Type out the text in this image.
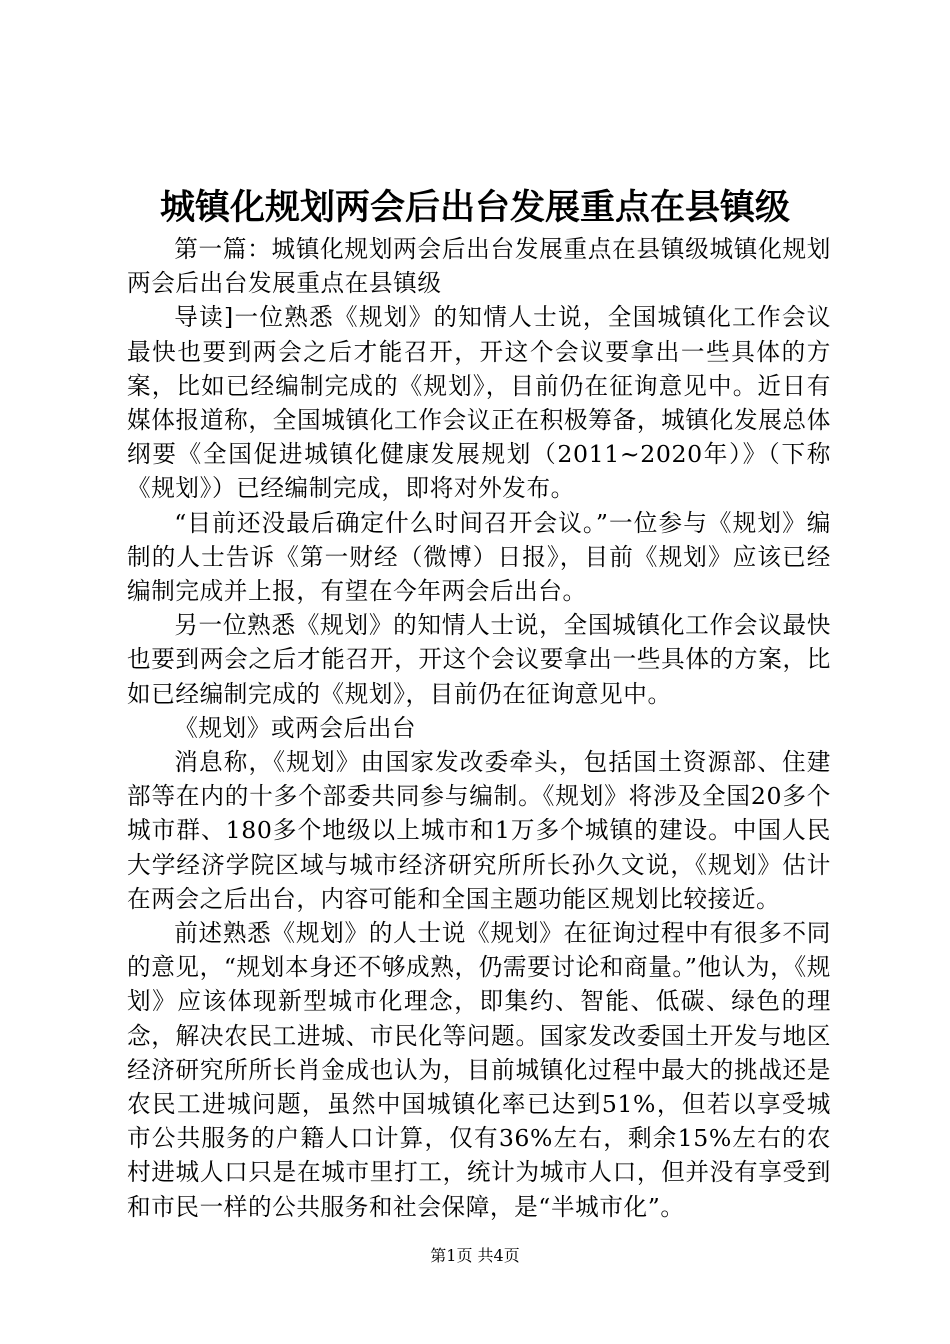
城镇化规划两会后出台发展重点在县镇级

第一篇：城镇化规划两会后出台发展重点在县镇级城镇化规划两会后出台发展重点在县镇级

导读]一位熟悉《规划》的知情人士说，全国城镇化工作会议最快也要到两会之后才能召开，开这个会议要拿出一些具体的方案，比如已经编制完成的《规划》，目前仍在征询意见中。近日有媒体报道称，全国城镇化工作会议正在积极筹备，城镇化发展总体纲要《全国促进城镇化健康发展规划（2011~2020年）》（下称《规划》）已经编制完成，即将对外发布。

“目前还没最后确定什么时间召开会议。”一位参与《规划》编制的人士告诉《第一财经（微博）日报》，目前《规划》应该已经编制完成并上报，有望在今年两会后出台。

另一位熟悉《规划》的知情人士说，全国城镇化工作会议最快也要到两会之后才能召开，开这个会议要拿出一些具体的方案，比如已经编制完成的《规划》，目前仍在征询意见中。

《规划》或两会后出台

消息称，《规划》由国家发改委牵头，包括国土资源部、住建部等在内的十多个部委共同参与编制。《规划》将涉及全国20多个城市群、180多个地级以上城市和1万多个城镇的建设。中国人民大学经济学院区域与城市经济研究所所长孙久文说，《规划》估计在两会之后出台，内容可能和全国主题功能区规划比较接近。

前述熟悉《规划》的人士说《规划》在征询过程中有很多不同的意见，“规划本身还不够成熟，仍需要讨论和商量。”他认为，《规划》应该体现新型城市化理念，即集约、智能、低碳、绿色的理念，解决农民工进城、市民化等问题。国家发改委国土开发与地区经济研究所所长肖金成也认为，目前城镇化过程中最大的挑战还是农民工进城问题，虽然中国城镇化率已达到51%，但若以享受城市公共服务的户籍人口计算，仅有36%左右，剩余15%左右的农村进城人口只是在城市里打工，统计为城市人口，但并没有享受到和市民一样的公共服务和社会保障，是“半城市化”。

第1页 共4页
